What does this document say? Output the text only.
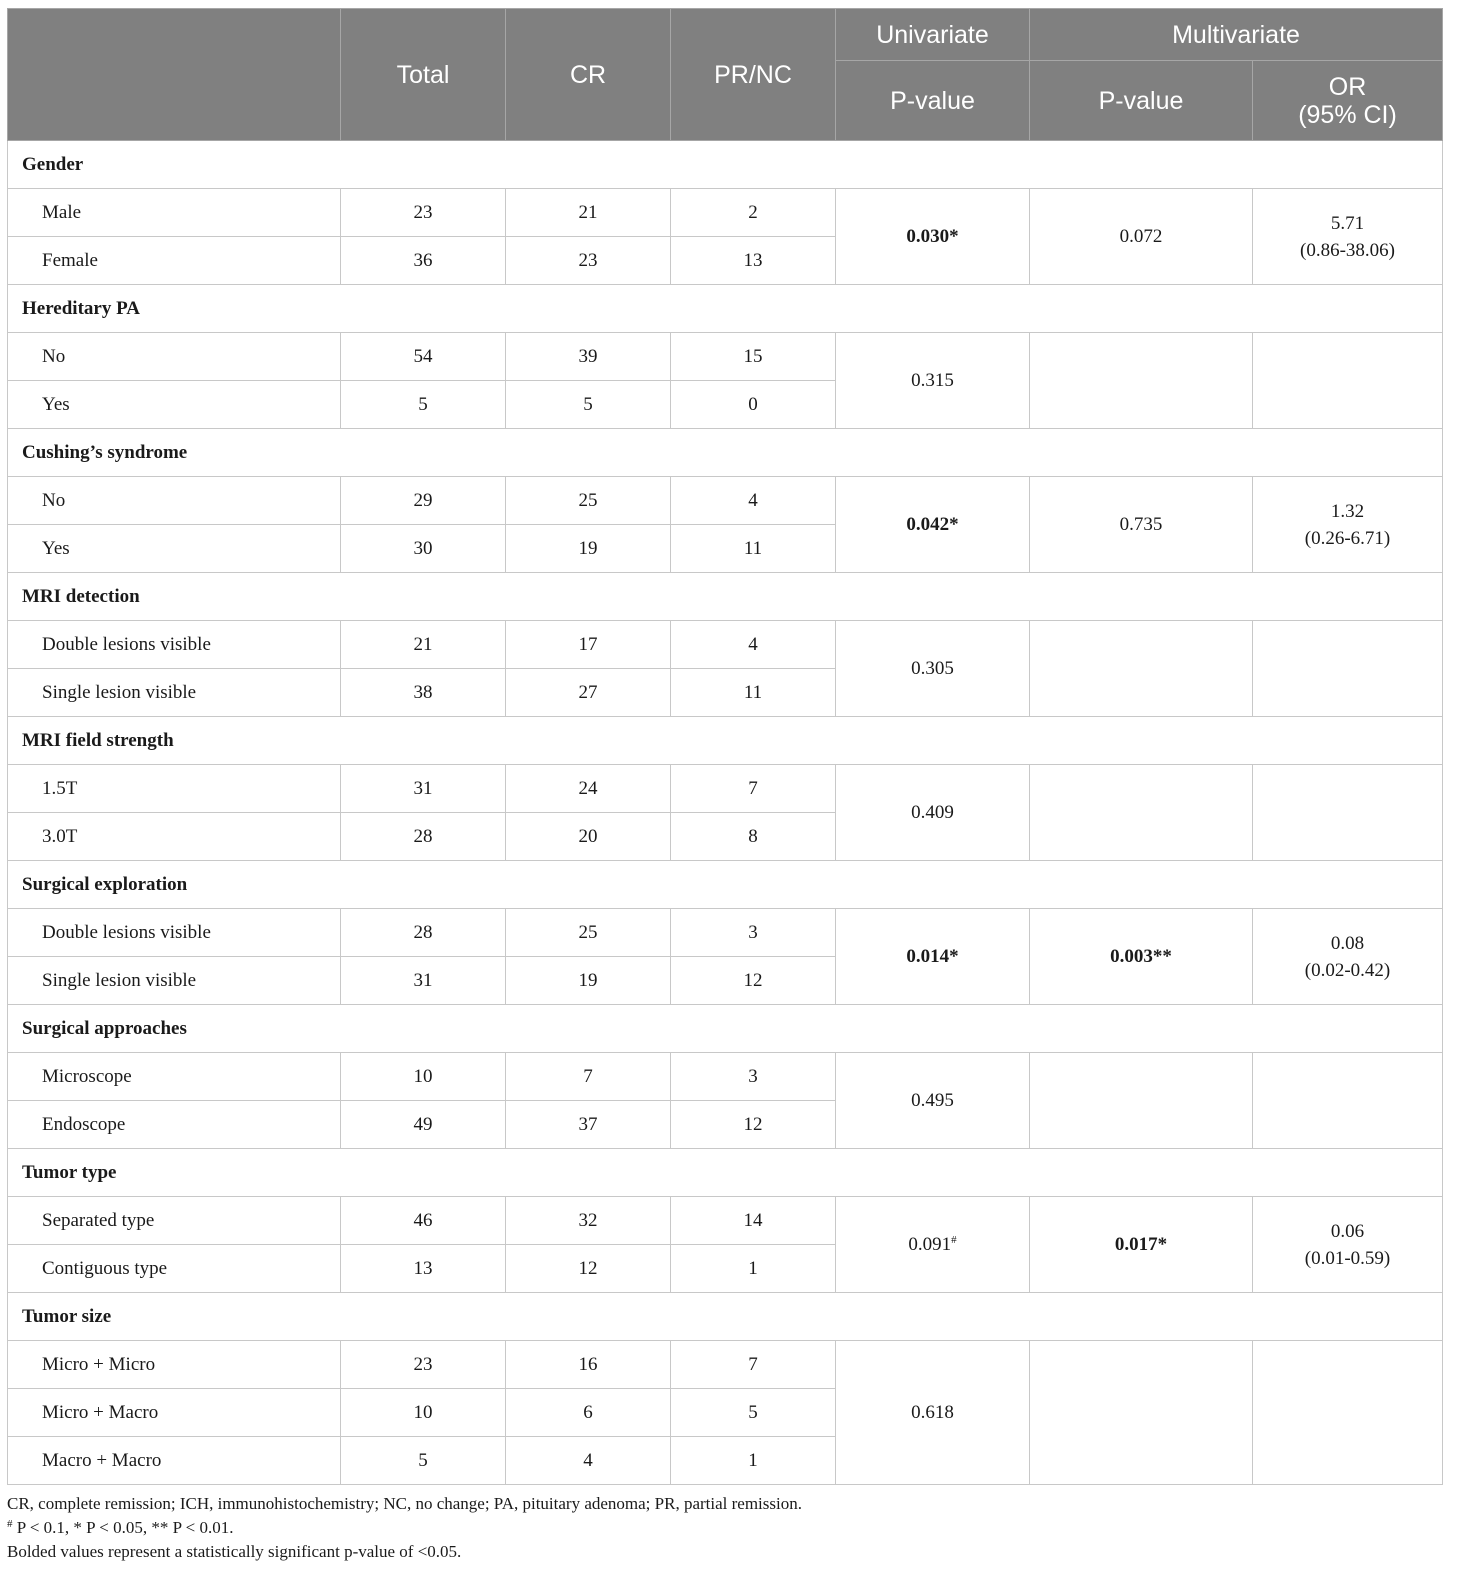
	Total	CR	PR/NC	Univariate	Multivariate	
				P-value	P-value	OR
(95% CI)
Gender						
Male	23	21	2	0.030*	0.072	5.71
(0.86-38.06)

Female	36	23	13			
Hereditary PA						
No	54	39	15	0.315		
Yes	5	5	0			
Cushing’s syndrome						
No	29	25	4	0.042*	0.735	1.32
(0.26-6.71)

Yes	30	19	11			
MRI detection						
Double lesions visible	21	17	4	0.305		
Single lesion visible	38	27	11			
MRI field strength						
1.5T	31	24	7	0.409		
3.0T	28	20	8			
Surgical exploration						
Double lesions visible	28	25	3	0.014*	0.003**	0.08
(0.02-0.42)

Single lesion visible	31	19	12			
Surgical approaches						
Microscope	10	7	3	0.495		
Endoscope	49	37	12			
Tumor type						
Separated type	46	32	14	0.091#	0.017*	0.06
(0.01-0.59)

Contiguous type	13	12	1			
Tumor size						
Micro + Micro	23	16	7	0.618		
Micro + Macro	10	6	5			
Macro + Macro	5	4	1			
CR, complete remission; ICH, immunohistochemistry; NC, no change; PA, pituitary adenoma; PR, partial remission.
# P < 0.1, * P < 0.05, ** P < 0.01.
Bolded values represent a statistically significant p-value of <0.05.
